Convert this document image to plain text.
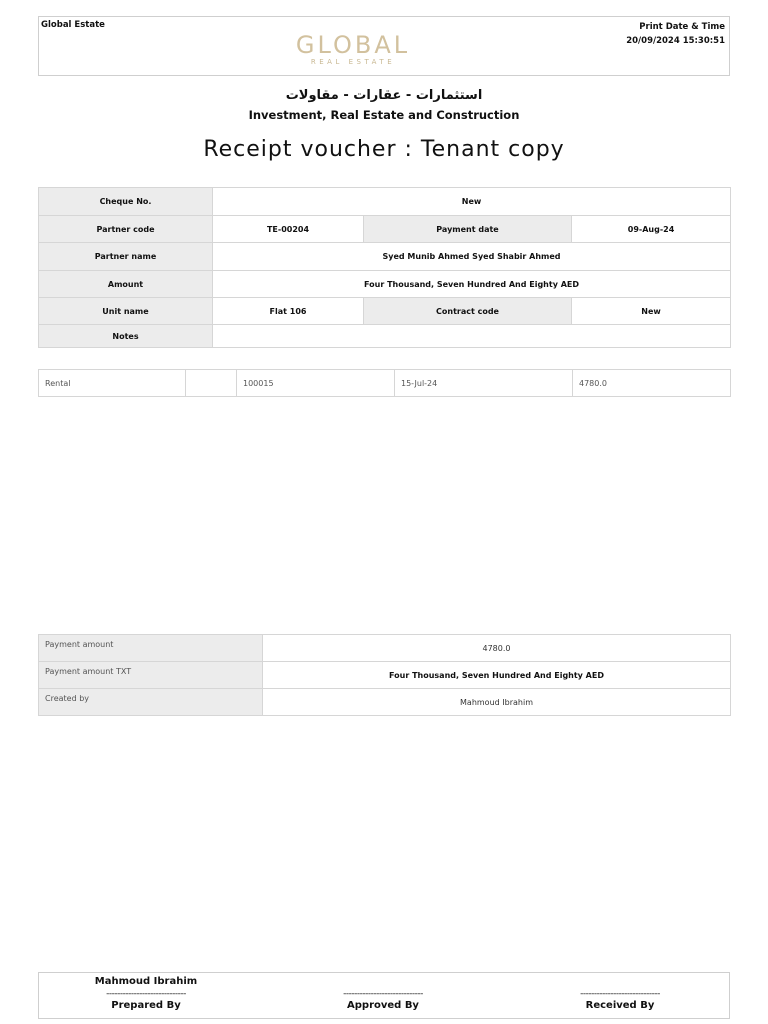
Global Estate
GLOBAL
REAL ESTATE
Print Date & Time
20/09/2024 15:30:51
استثمارات - عقارات - مقاولات
Investment, Real Estate and Construction
Receipt voucher : Tenant copy
Cheque No.	New		
Partner code	TE-00204	Payment date	09-Aug-24
Partner name	Syed Munib Ahmed Syed Shabir Ahmed		
Amount	Four Thousand, Seven Hundred And Eighty AED		
Unit name	Flat 106	Contract code	New
Notes			
Rental		100015	15-Jul-24	4780.0
Payment amount	4780.0
Payment amount TXT	Four Thousand, Seven Hundred And Eighty AED
Created by	Mahmoud Ibrahim
Mahmoud Ibrahim
-----------------------------
Prepared By
-----------------------------
Approved By
-----------------------------
Received By
